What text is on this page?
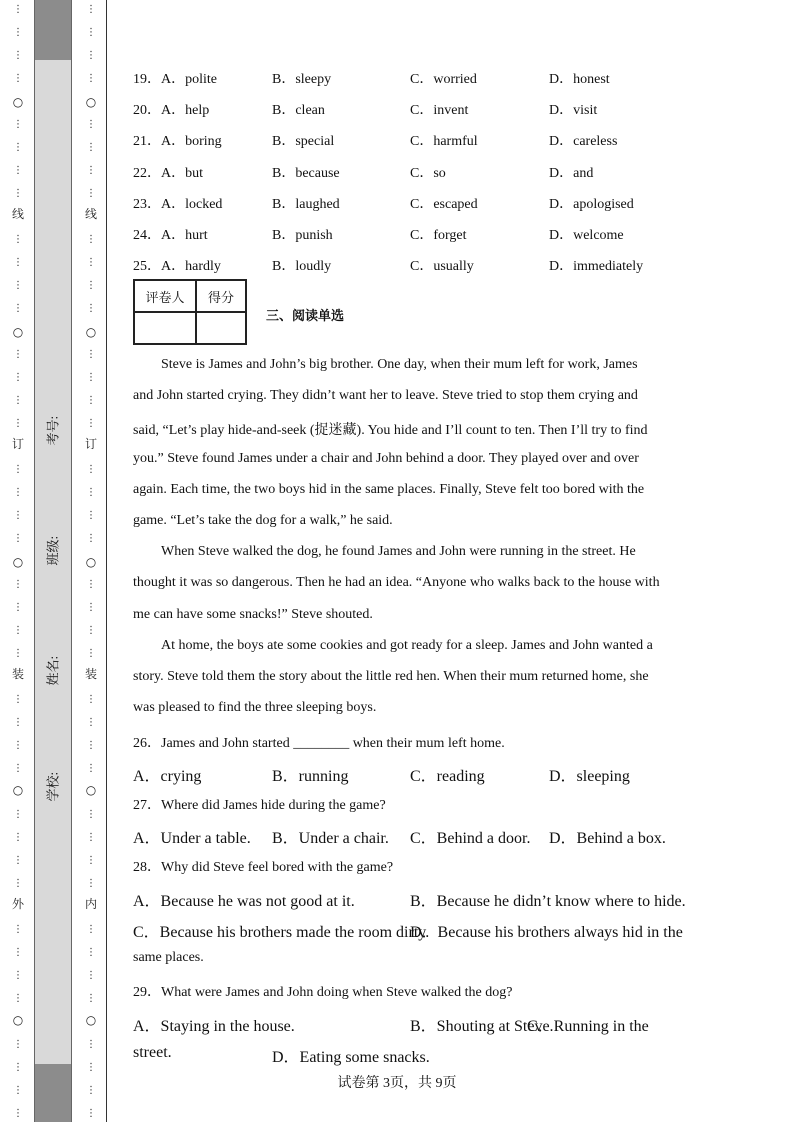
⋮
⋮
⋮
⋮
⋮
⋮
⋮
⋮
⋮
⋮
⋮
⋮
⋮
⋮
⋮
⋮
⋮
⋮
⋮
⋮
⋮
⋮
⋮
⋮
⋮
⋮
⋮
⋮
⋮
⋮
⋮
⋮
⋮
⋮
⋮
⋮
⋮
⋮
⋮
⋮
○
○
○
○
○
线
订
装
外
考号:
班级:
姓名:
学校:
⋮
⋮
⋮
⋮
⋮
⋮
⋮
⋮
⋮
⋮
⋮
⋮
⋮
⋮
⋮
⋮
⋮
⋮
⋮
⋮
⋮
⋮
⋮
⋮
⋮
⋮
⋮
⋮
⋮
⋮
⋮
⋮
⋮
⋮
⋮
⋮
⋮
⋮
⋮
⋮
○
○
○
○
○
线
订
装
内
19．A．polite	B．sleepy	C．worried	D．honest
20．A．help	B．clean	C．invent	D．visit
21．A．boring	B．special	C．harmful	D．careless
22．A．but	B．because	C．so	D．and
23．A．locked	B．laughed	C．escaped	D．apologised
24．A．hurt	B．punish	C．forget	D．welcome
25．A．hardly	B．loudly	C．usually	D．immediately
评卷人	得分

三、阅读单选
Steve is James and John’s big brother. One day, when their mum left for work, James
and John started crying. They didn’t want her to leave. Steve tried to stop them crying and
said, “Let’s play hide-and-seek (捉迷藏). You hide and I’ll count to ten. Then I’ll try to find
you.” Steve found James under a chair and John behind a door. They played over and over
again. Each time, the two boys hid in the same places. Finally, Steve felt too bored with the
game. “Let’s take the dog for a walk,” he said.
When Steve walked the dog, he found James and John were running in the street. He
thought it was so dangerous. Then he had an idea. “Anyone who walks back to the house with
me can have some snacks!” Steve shouted.
At home, the boys ate some cookies and got ready for a sleep. James and John wanted a
story. Steve told them the story about the little red hen. When their mum returned home, she
was pleased to find the three sleeping boys.
26．James and John started ________ when their mum left home.
A．crying	B．running	C．reading	D．sleeping
27．Where did James hide during the game?
A．Under a table. B．Under a chair. C．Behind a door. D．Behind a box.
28．Why did Steve feel bored with the game?
A．Because he was not good at it.	B．Because he didn’t know where to hide.
C．Because his brothers made the room dirty.
D．Because his brothers always hid in the
same places.
29．What were James and John doing when Steve walked the dog?
A．Staying in the house.	B．Shouting at Steve.
C．Running in the
street.	D．Eating some snacks.
试卷第 3页，共 9页
